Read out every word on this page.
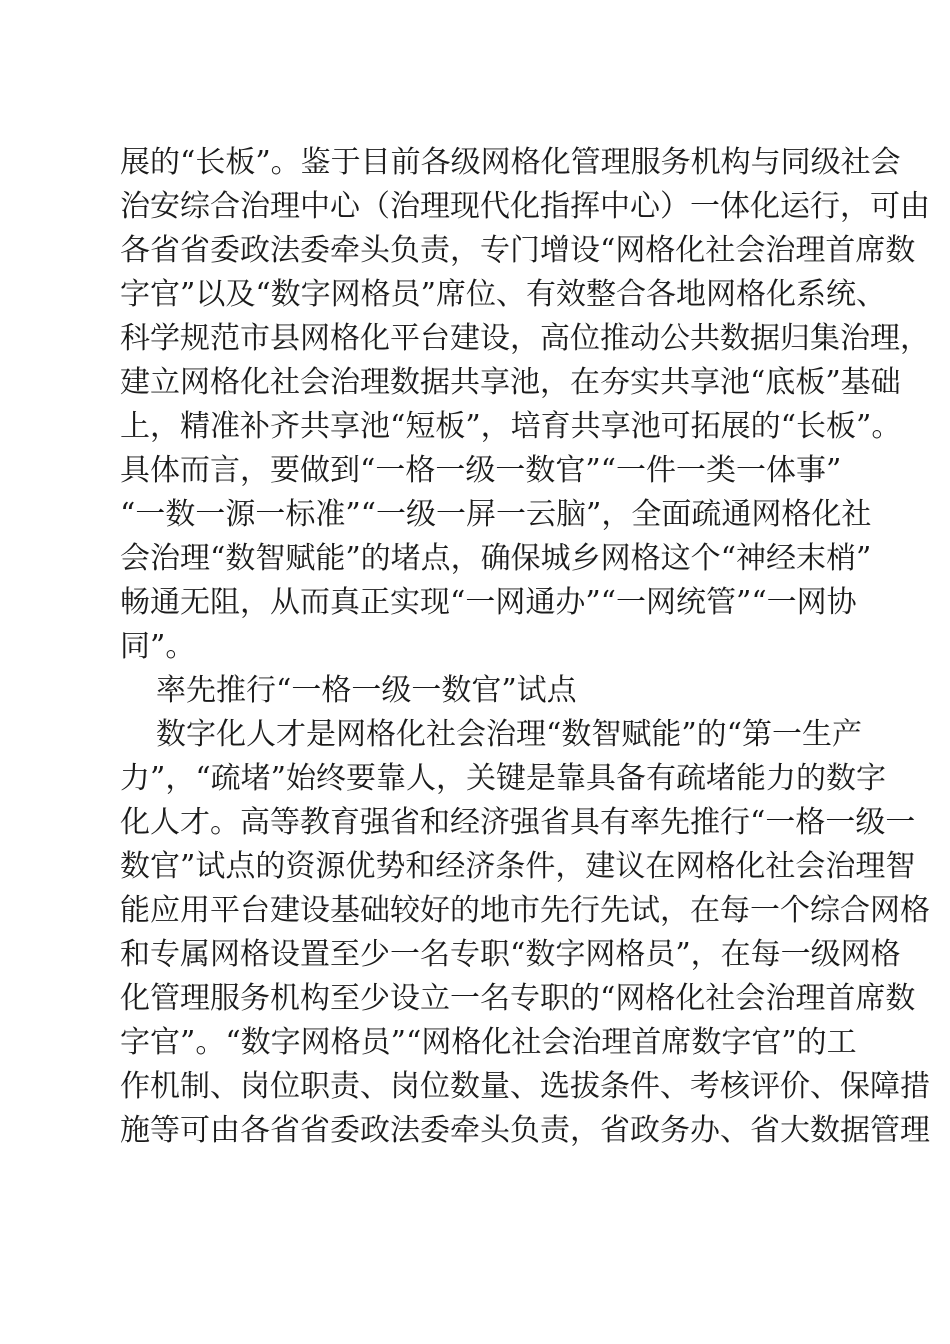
展的“长板”。鉴于目前各级网格化管理服务机构与同级社会
治安综合治理中心（治理现代化指挥中心）一体化运行，可由
各省省委政法委牵头负责，专门增设“网格化社会治理首席数
字官”以及“数字网格员”席位、有效整合各地网格化系统、
科学规范市县网格化平台建设，高位推动公共数据归集治理，
建立网格化社会治理数据共享池，在夯实共享池“底板”基础
上，精准补齐共享池“短板”，培育共享池可拓展的“长板”。
具体而言，要做到“一格一级一数官”“一件一类一体事”
“一数一源一标准”“一级一屏一云脑”，全面疏通网格化社
会治理“数智赋能”的堵点，确保城乡网格这个“神经末梢”
畅通无阻，从而真正实现“一网通办”“一网统管”“一网协
同”。
率先推行“一格一级一数官”试点
数字化人才是网格化社会治理“数智赋能”的“第一生产
力”，“疏堵”始终要靠人，关键是靠具备有疏堵能力的数字
化人才。高等教育强省和经济强省具有率先推行“一格一级一
数官”试点的资源优势和经济条件，建议在网格化社会治理智
能应用平台建设基础较好的地市先行先试，在每一个综合网格
和专属网格设置至少一名专职“数字网格员”，在每一级网格
化管理服务机构至少设立一名专职的“网格化社会治理首席数
字官”。“数字网格员”“网格化社会治理首席数字官”的工
作机制、岗位职责、岗位数量、选拔条件、考核评价、保障措
施等可由各省省委政法委牵头负责，省政务办、省大数据管理
